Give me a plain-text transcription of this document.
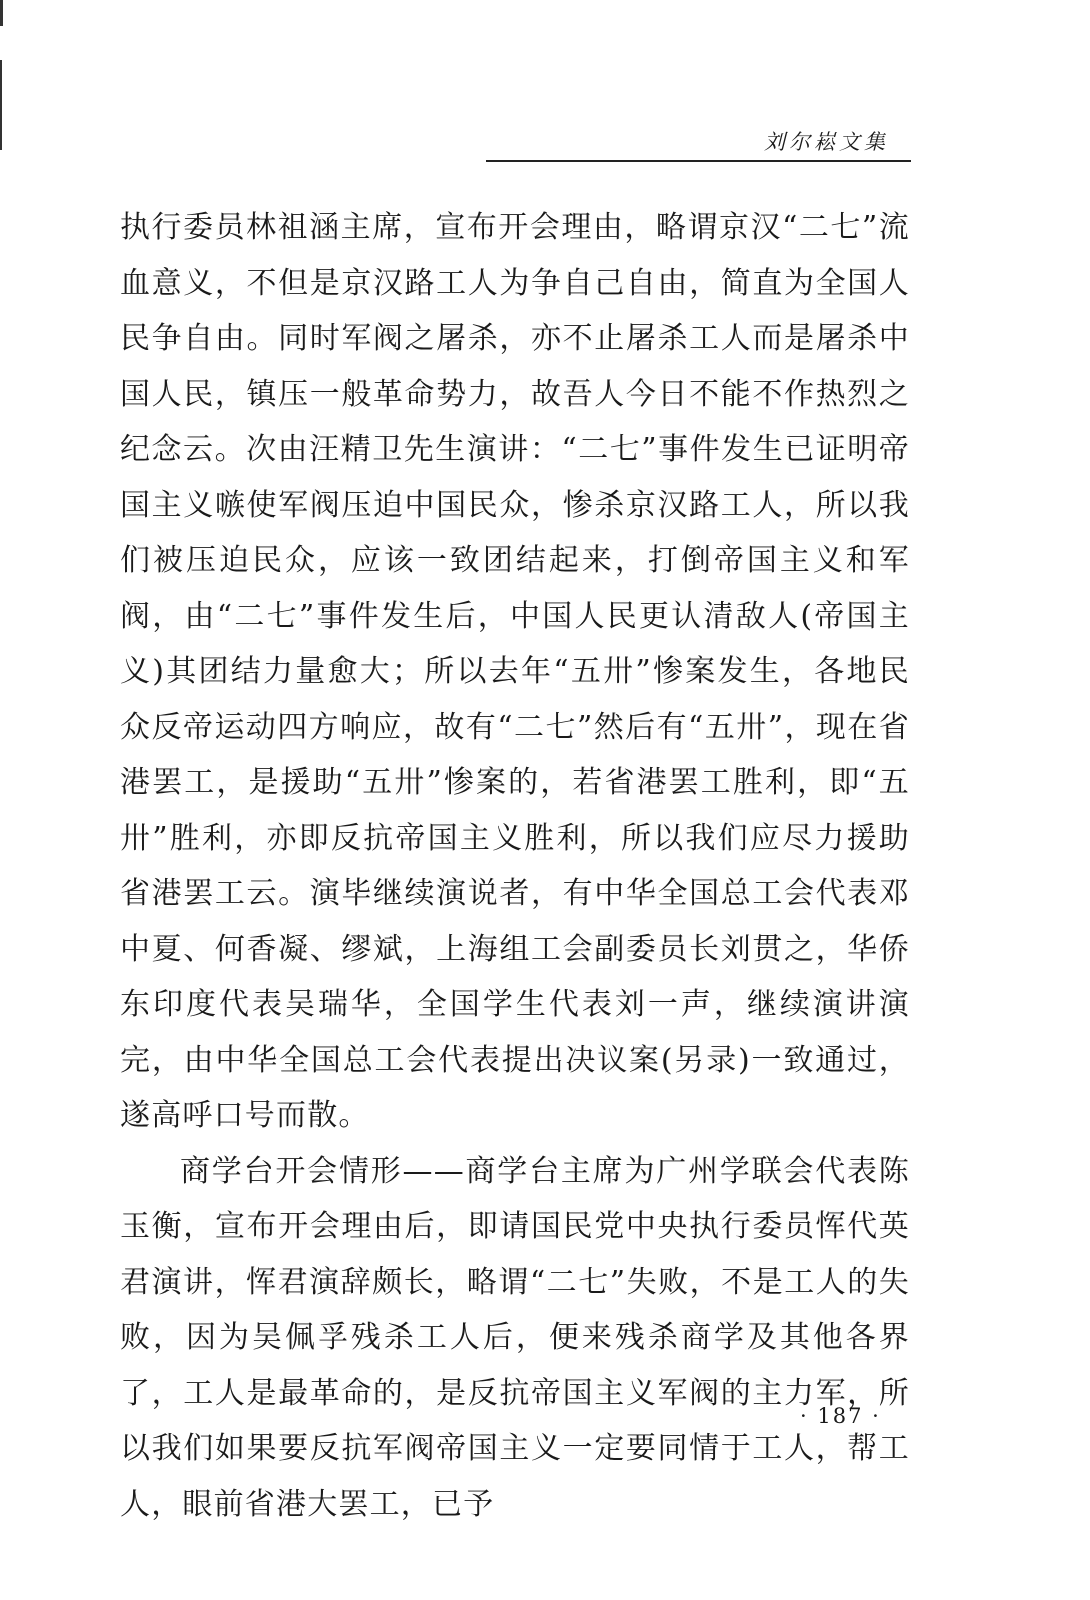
刘尔崧文集

执行委员林祖涵主席，宣布开会理由，略谓京汉“二七”流血意义，不但是京汉路工人为争自己自由，简直为全国人民争自由。同时军阀之屠杀，亦不止屠杀工人而是屠杀中国人民，镇压一般革命势力，故吾人今日不能不作热烈之纪念云。次由汪精卫先生演讲：“二七”事件发生已证明帝国主义嗾使军阀压迫中国民众，惨杀京汉路工人，所以我们被压迫民众，应该一致团结起来，打倒帝国主义和军阀，由“二七”事件发生后，中国人民更认清敌人(帝国主义)其团结力量愈大；所以去年“五卅”惨案发生，各地民众反帝运动四方响应，故有“二七”然后有“五卅”，现在省港罢工，是援助“五卅”惨案的，若省港罢工胜利，即“五卅”胜利，亦即反抗帝国主义胜利，所以我们应尽力援助省港罢工云。演毕继续演说者，有中华全国总工会代表邓中夏、何香凝、缪斌，上海组工会副委员长刘贯之，华侨东印度代表吴瑞华，全国学生代表刘一声，继续演讲演完，由中华全国总工会代表提出决议案(另录)一致通过，遂高呼口号而散。

商学台开会情形——商学台主席为广州学联会代表陈玉衡，宣布开会理由后，即请国民党中央执行委员恽代英君演讲，恽君演辞颇长，略谓“二七”失败，不是工人的失败，因为吴佩孚残杀工人后，便来残杀商学及其他各界了，工人是最革命的，是反抗帝国主义军阀的主力军，所以我们如果要反抗军阀帝国主义一定要同情于工人，帮工人，眼前省港大罢工，已予

· 187 ·
